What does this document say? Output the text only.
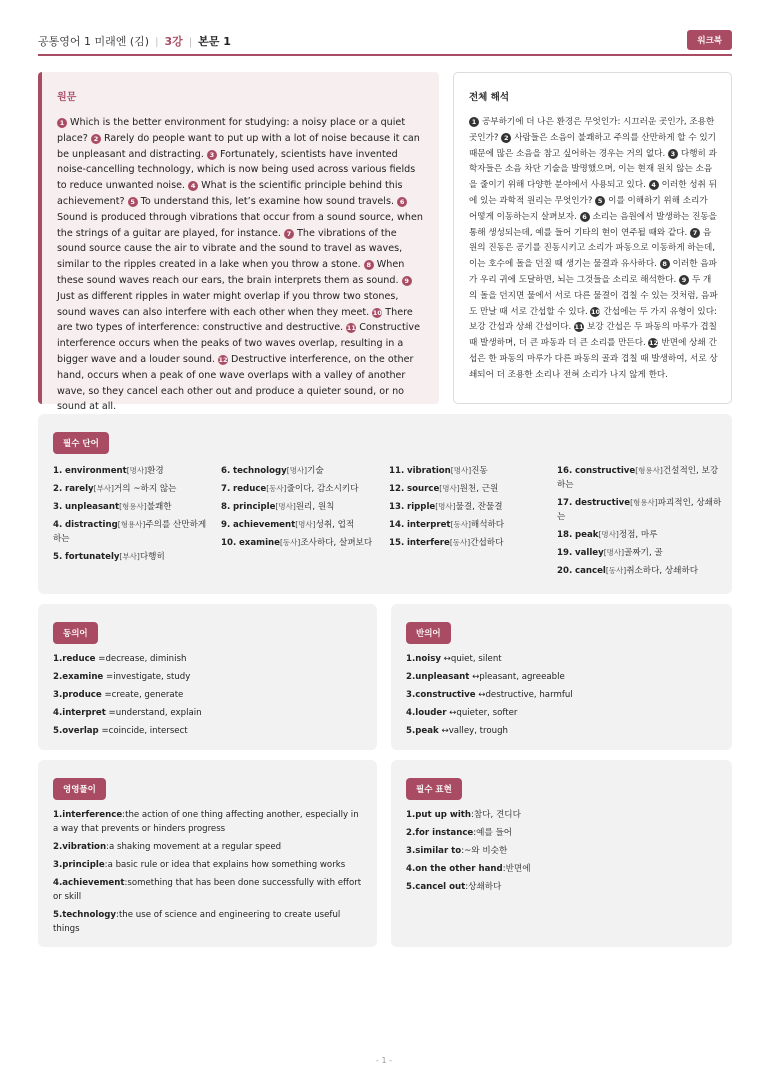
공통영어 1 미래엔 (김) | 3강 | 본문 1	워크북
원문
1 Which is the better environment for studying: a noisy place or a quiet place? 2 Rarely do people want to put up with a lot of noise because it can be unpleasant and distracting. 3 Fortunately, scientists have invented noise-cancelling technology, which is now being used across various fields to reduce unwanted noise. 4 What is the scientific principle behind this achievement? 5 To understand this, let’s examine how sound travels. 6Sound is produced through vibrations that occur from a sound source, when the strings of a guitar are played, for instance. 7 The vibrations of the sound source cause the air to vibrate and the sound to travel as waves, similar to the ripples created in a lake when you throw a stone. 8 When these sound waves reach our ears, the brain interprets them as sound. 9Just as different ripples in water might overlap if you throw two stones, sound waves can also interfere with each other when they meet. 10 There are two types of interference: constructive and destructive. 11 Constructive interference occurs when the peaks of two waves overlap, resulting in a bigger wave and a louder sound. 12 Destructive interference, on the other hand, occurs when a peak of one wave overlaps with a valley of another wave, so they cancel each other out and produce a quieter sound, or no sound at all.
전체 해석
1 공부하기에 더 나은 환경은 무엇인가: 시끄러운 곳인가, 조용한 곳인가? 2 사람들은 소음이 불쾌하고 주의를 산만하게 할 수 있기 때문에 많은 소음을 참고 싶어하는 경우는 거의 없다. 3 다행히 과학자들은 소음 차단 기술을 발명했으며, 이는 현재 원치 않는 소음을 줄이기 위해 다양한 분야에서 사용되고 있다. 4 이러한 성취 뒤에 있는 과학적 원리는 무엇인가? 5 이를 이해하기 위해 소리가 어떻게 이동하는지 살펴보자. 6 소리는 음원에서 발생하는 진동을 통해 생성되는데, 예를 들어 기타의 현이 연주될 때와 같다. 7 음원의 진동은 공기를 진동시키고 소리가 파동으로 이동하게 하는데, 이는 호수에 돌을 던질 때 생기는 물결과 유사하다. 8 이러한 음파가 우리 귀에 도달하면, 뇌는 그것들을 소리로 해석한다. 9 두 개의 돌을 던지면 물에서 서로 다른 물결이 겹칠 수 있는 것처럼, 음파도 만날 때 서로 간섭할 수 있다. 10 간섭에는 두 가지 유형이 있다: 보강 간섭과 상쇄 간섭이다. 11 보강 간섭은 두 파동의 마루가 겹칠 때 발생하며, 더 큰 파동과 더 큰 소리를 만든다. 12 반면에 상쇄 간섭은 한 파동의 마루가 다른 파동의 골과 겹칠 때 발생하여, 서로 상쇄되어 더 조용한 소리나 전혀 소리가 나지 않게 한다.
필수 단어
1. environment[명사]환경
2. rarely[부사]거의 ~하지 않는
3. unpleasant[형용사]불쾌한
4. distracting[형용사]주의를 산만하게 하는
5. fortunately[부사]다행히
6. technology[명사]기술
7. reduce[동사]줄이다, 감소시키다
8. principle[명사]원리, 원칙
9. achievement[명사]성취, 업적
10. examine[동사]조사하다, 살펴보다
11. vibration[명사]진동
12. source[명사]원천, 근원
13. ripple[명사]물결, 잔물결
14. interpret[동사]해석하다
15. interfere[동사]간섭하다
16. constructive[형용사]건설적인, 보강하는
17. destructive[형용사]파괴적인, 상쇄하는
18. peak[명사]정점, 마루
19. valley[명사]골짜기, 골
20. cancel[동사]취소하다, 상쇄하다
동의어
1.reduce =decrease, diminish
2.examine =investigate, study
3.produce =create, generate
4.interpret =understand, explain
5.overlap =coincide, intersect
반의어
1.noisy ↔quiet, silent
2.unpleasant ↔pleasant, agreeable
3.constructive ↔destructive, harmful
4.louder ↔quieter, softer
5.peak ↔valley, trough
영영풀이
1.interference:the action of one thing affecting another, especially in a way that prevents or hinders progress
2.vibration:a shaking movement at a regular speed
3.principle:a basic rule or idea that explains how something works
4.achievement:something that has been done successfully with effort or skill
5.technology:the use of science and engineering to create useful things
필수 표현
1.put up with:참다, 견디다
2.for instance:예를 들어
3.similar to:~와 비슷한
4.on the other hand:반면에
5.cancel out:상쇄하다
- 1 -
